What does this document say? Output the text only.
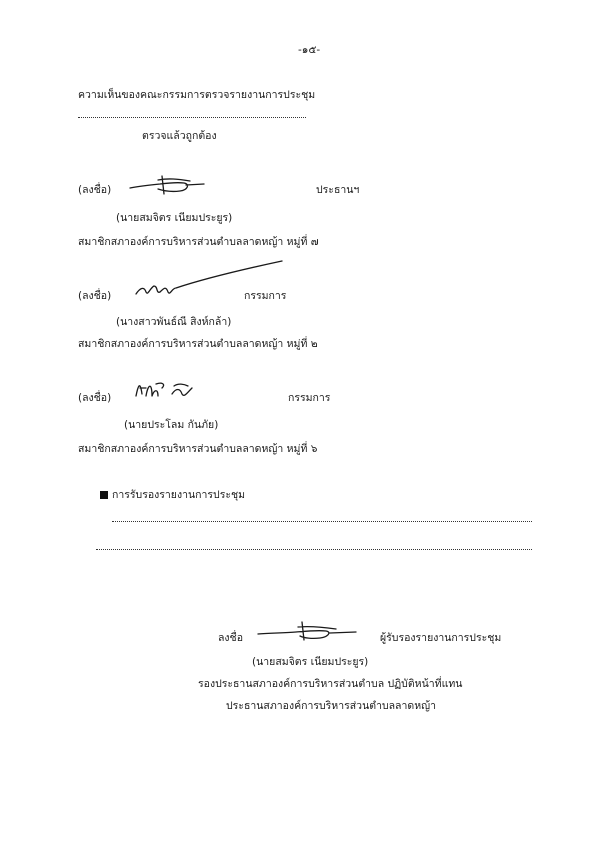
-๑๕-
ความเห็นของคณะกรรมการตรวจรายงานการประชุม
ตรวจแล้วถูกต้อง
(ลงชื่อ)	ประธานฯ
(นายสมจิตร เนียมประยูร)
สมาชิกสภาองค์การบริหารส่วนตำบลลาดหญ้า หมู่ที่ ๗
(ลงชื่อ)	กรรมการ
(นางสาวพันธ์ณี สิงห์กล้า)
สมาชิกสภาองค์การบริหารส่วนตำบลลาดหญ้า หมู่ที่ ๒
(ลงชื่อ)	กรรมการ
(นายประโลม กันภัย)
สมาชิกสภาองค์การบริหารส่วนตำบลลาดหญ้า หมู่ที่ ๖
การรับรองรายงานการประชุม
ลงชื่อ	ผู้รับรองรายงานการประชุม
(นายสมจิตร เนียมประยูร)
รองประธานสภาองค์การบริหารส่วนตำบล ปฏิบัติหน้าที่แทน
ประธานสภาองค์การบริหารส่วนตำบลลาดหญ้า
